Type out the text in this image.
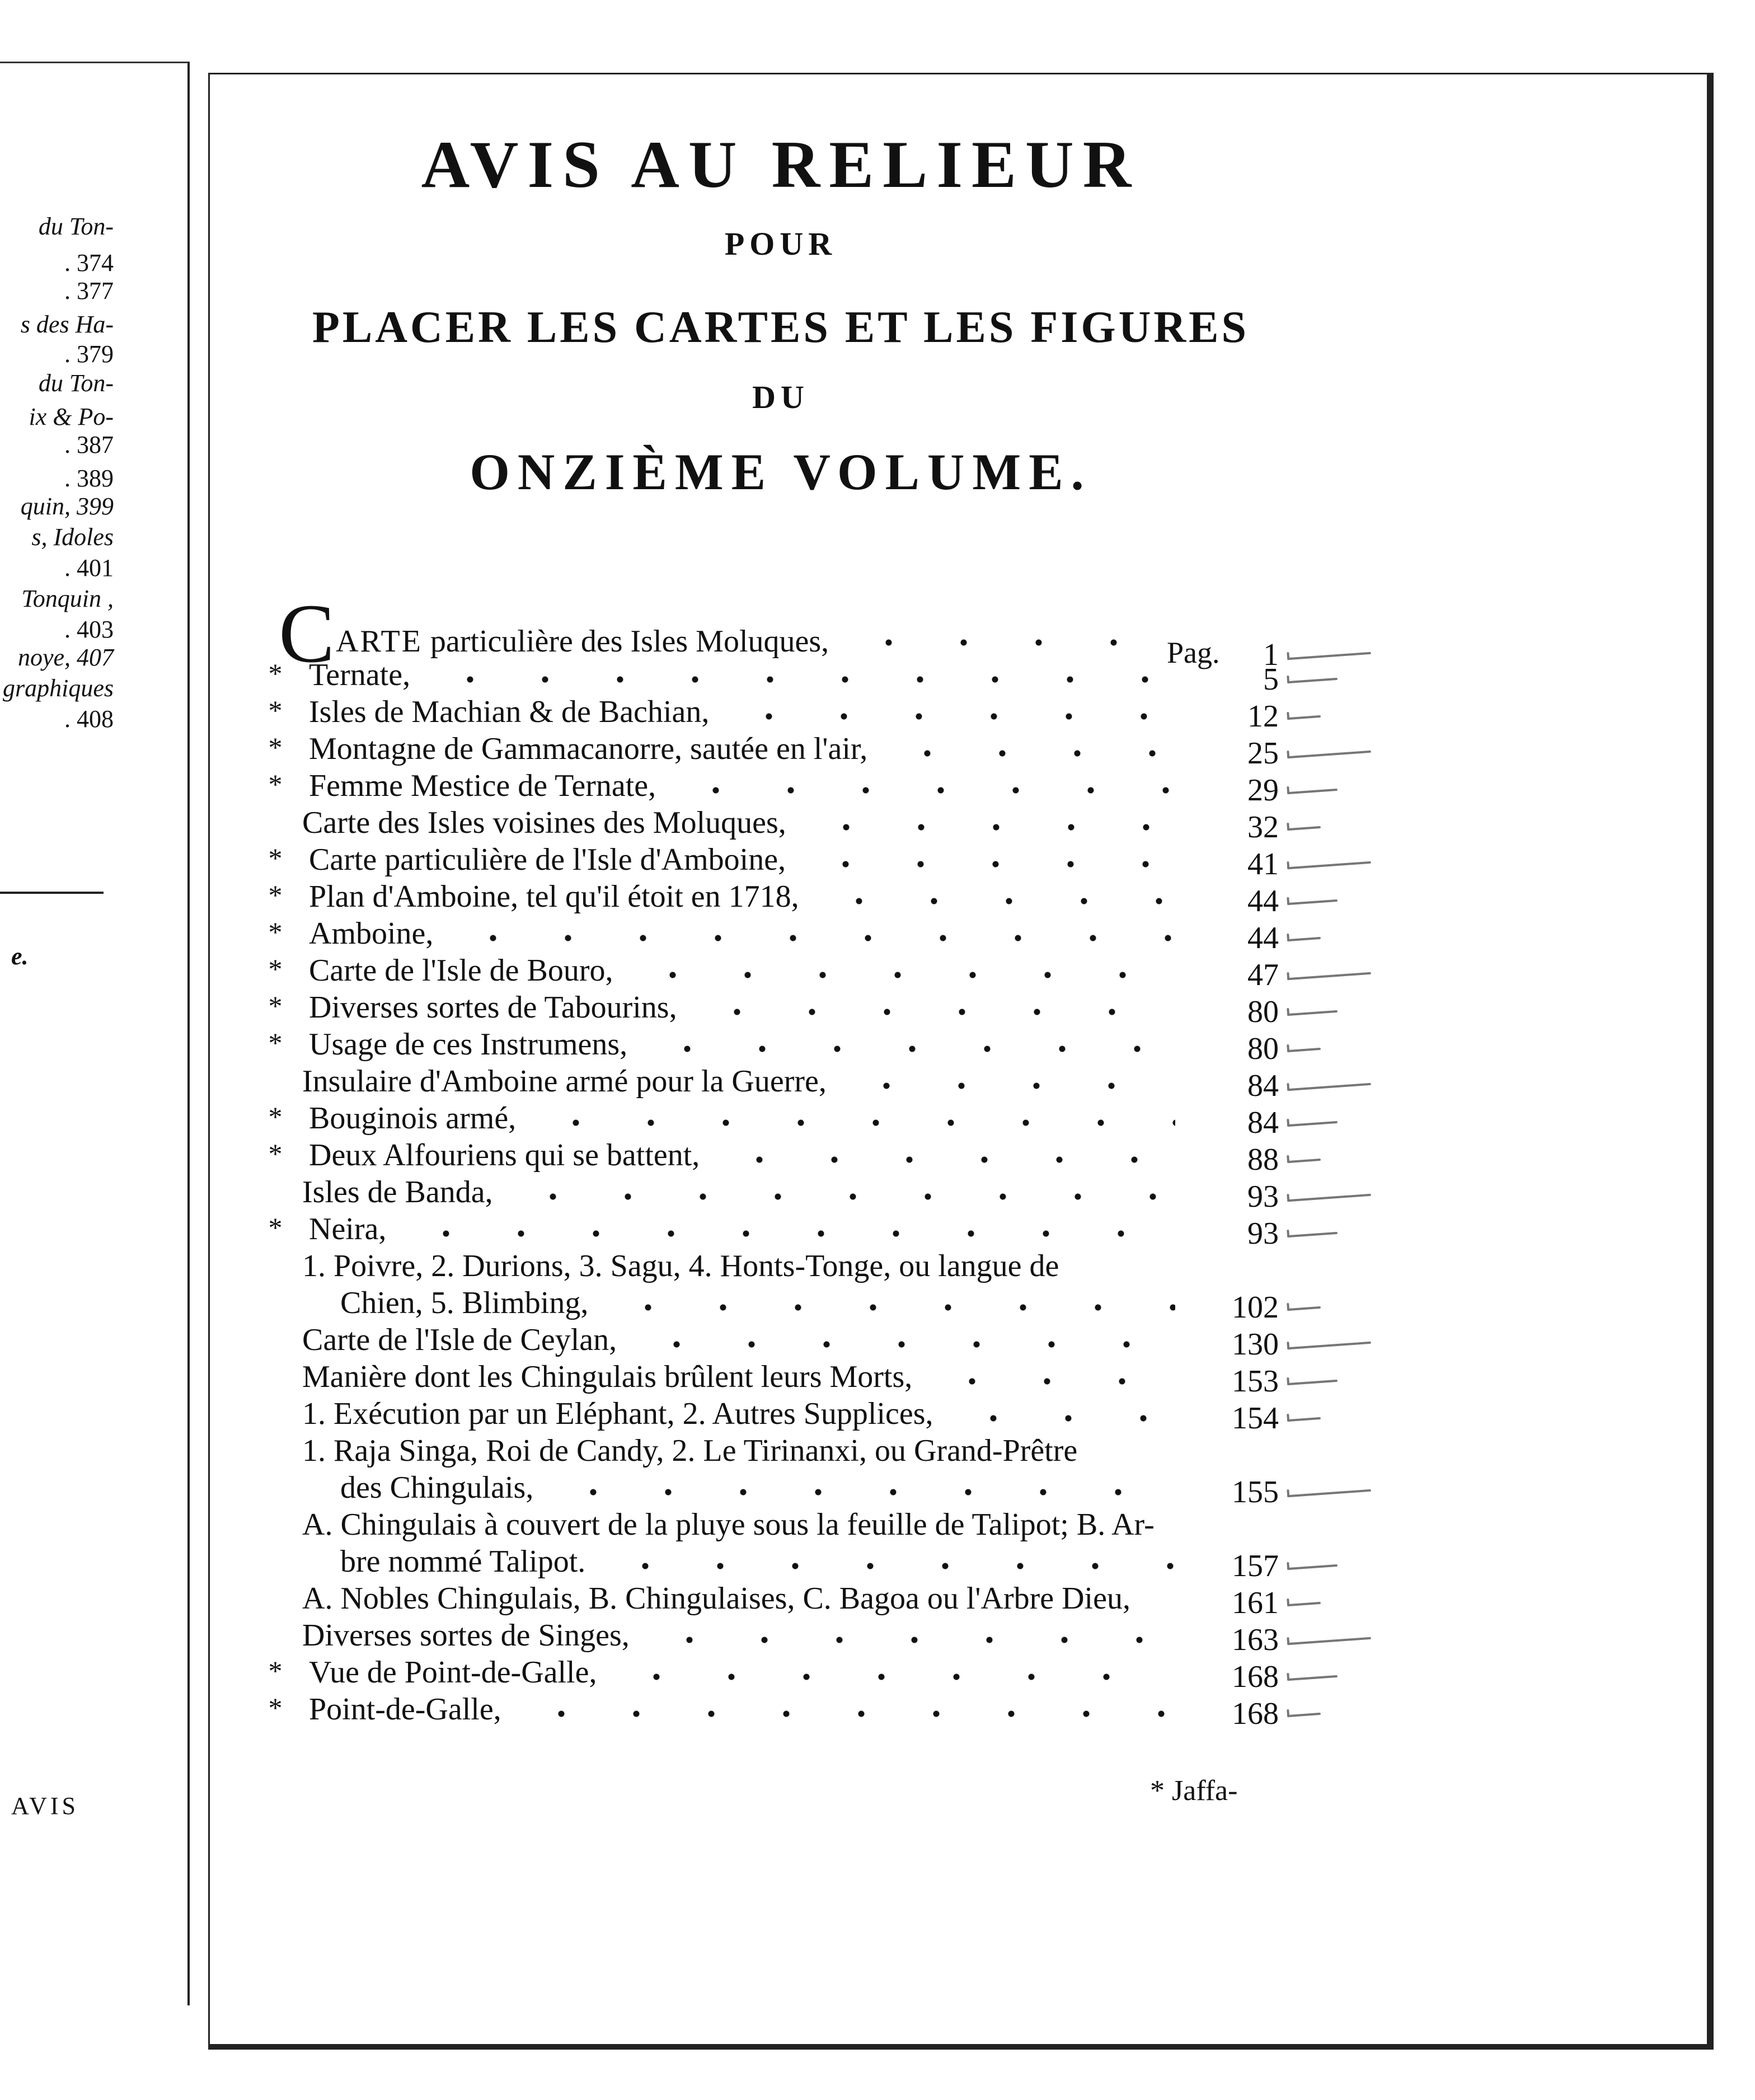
du Ton-
. 374
. 377
s des Ha-
. 379
du Ton-
ix & Po-
. 387
. 389
quin, 399
s, Idoles
. 401
Tonquin ,
. 403
noye, 407
graphiques
. 408
e.
AVIS
AVIS AU RELIEUR
POUR
PLACER LES CARTES ET LES FIGURES
DU
ONZIÈME VOLUME.
Pag.
CARTE particulière des Isles Moluques,	1
* Ternate,	5
* Isles de Machian & de Bachian,	12
* Montagne de Gammacanorre, sautée en l'air,	25
* Femme Mestice de Ternate,	29
Carte des Isles voisines des Moluques,	32
* Carte particulière de l'Isle d'Amboine,	41
* Plan d'Amboine, tel qu'il étoit en 1718,	44
* Amboine,	44
* Carte de l'Isle de Bouro,	47
* Diverses sortes de Tabourins,	80
* Usage de ces Instrumens,	80
Insulaire d'Amboine armé pour la Guerre,	84
* Bouginois armé,	84
* Deux Alfouriens qui se battent,	88
Isles de Banda,	93
* Neira,	93
1. Poivre, 2. Durions, 3. Sagu, 4. Honts-Tonge, ou langue de
Chien, 5. Blimbing,	102
Carte de l'Isle de Ceylan,	130
Manière dont les Chingulais brûlent leurs Morts,	153
1. Exécution par un Eléphant, 2. Autres Supplices,	154
1. Raja Singa, Roi de Candy, 2. Le Tirinanxi, ou Grand-Prêtre
des Chingulais,	155
A. Chingulais à couvert de la pluye sous la feuille de Talipot; B. Ar-
bre nommé Talipot.	157
A. Nobles Chingulais, B. Chingulaises, C. Bagoa ou l'Arbre Dieu,	161
Diverses sortes de Singes,	163
* Vue de Point-de-Galle,	168
* Point-de-Galle,	168
* Jaffa-
